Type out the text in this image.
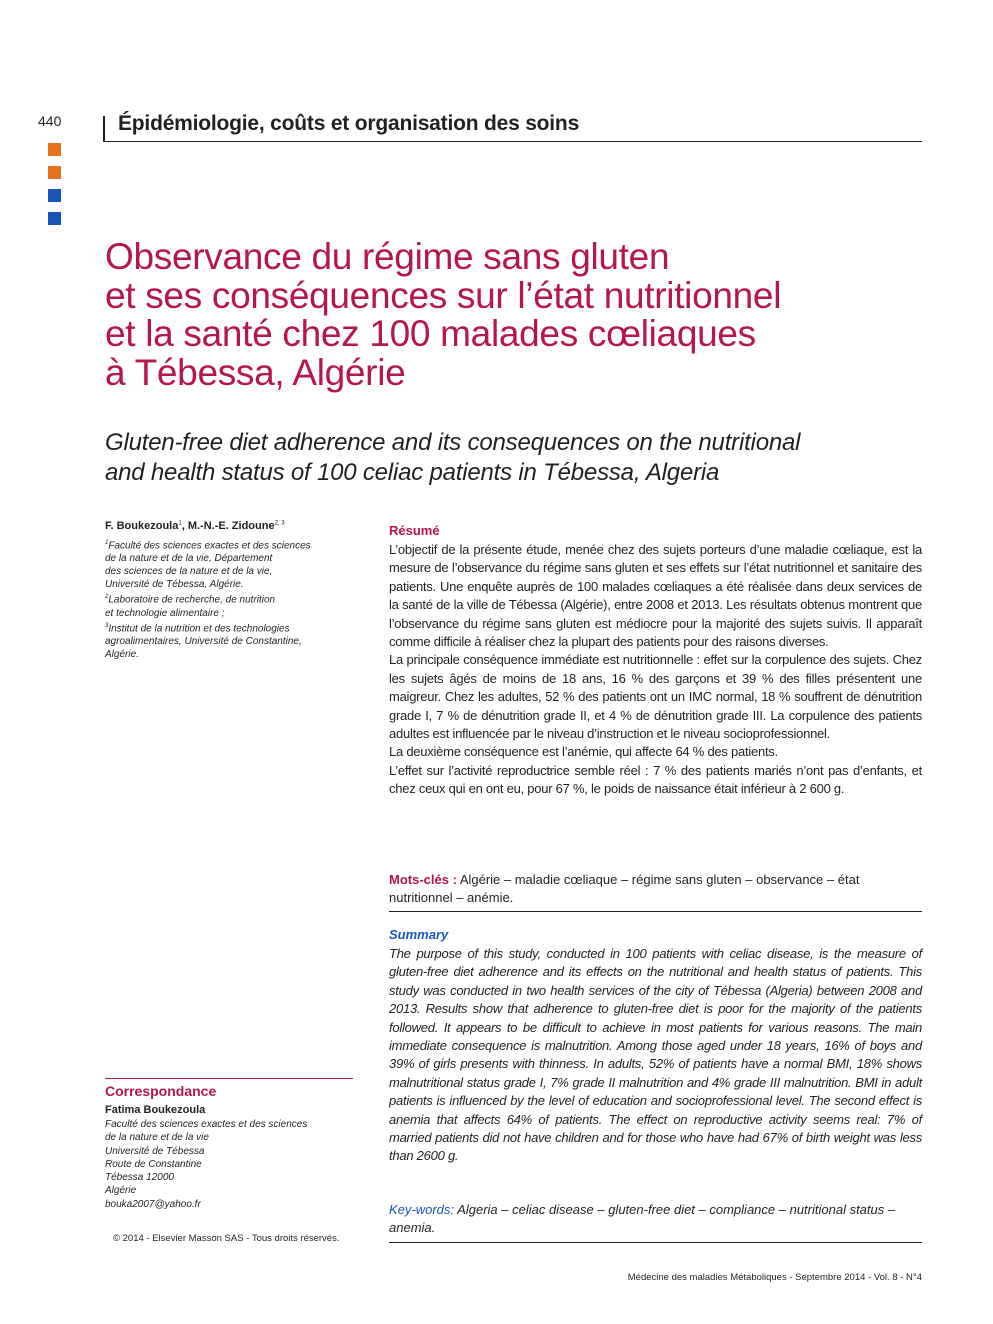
440	Épidémiologie, coûts et organisation des soins
Observance du régime sans gluten
et ses conséquences sur l’état nutritionnel
et la santé chez 100 malades cœliaques
à Tébessa, Algérie
Gluten-free diet adherence and its consequences on the nutritional
and health status of 100 celiac patients in Tébessa, Algeria
F. Boukezoula$^1$, M.-N.-E. Zidoune$^{2, 3}$
$^1$Faculté des sciences exactes et des sciences
de la nature et de la vie, Département
des sciences de la nature et de la vie,
Université de Tébessa, Algérie.
$^2$Laboratoire de recherche, de nutrition
et technologie alimentaire ;
$^3$Institut de la nutrition et des technologies
agroalimentaires, Université de Constantine,
Algérie.
Correspondance
Fatima Boukezoula
Faculté des sciences exactes et des sciences
de la nature et de la vie
Université de Tébessa
Route de Constantine
Tébessa 12000
Algérie
bouka2007@yahoo.fr
© 2014 - Elsevier Masson SAS - Tous droits réservés.
Résumé

L’objectif de la présente étude, menée chez des sujets porteurs d’une maladie cœliaque, est la mesure de l’observance du régime sans gluten et ses effets sur l’état nutritionnel et sanitaire des patients. Une enquête auprès de 100 malades cœliaques a été réalisée dans deux services de la santé de la ville de Tébessa (Algérie), entre 2008 et 2013. Les résultats obtenus montrent que l’observance du régime sans gluten est médiocre pour la majorité des sujets suivis. Il apparaît comme difficile à réaliser chez la plupart des patients pour des raisons diverses.

La principale conséquence immédiate est nutritionnelle : effet sur la corpulence des sujets. Chez les sujets âgés de moins de 18 ans, 16 % des garçons et 39 % des filles présentent une maigreur. Chez les adultes, 52 % des patients ont un IMC normal, 18 % souffrent de dénutrition grade I, 7 % de dénutrition grade II, et 4 % de dénutrition grade III. La corpulence des patients adultes est influencée par le niveau d’instruction et le niveau socioprofessionnel.

La deuxième conséquence est l’anémie, qui affecte 64 % des patients.

L’effet sur l’activité reproductrice semble réel : 7 % des patients mariés n’ont pas d’enfants, et chez ceux qui en ont eu, pour 67 %, le poids de naissance était inférieur à 2 600 g.

Mots-clés : Algérie – maladie cœliaque – régime sans gluten – observance – état nutritionnel – anémie.
Summary
The purpose of this study, conducted in 100 patients with celiac disease, is the measure of gluten-free diet adherence and its effects on the nutritional and health status of patients. This study was conducted in two health services of the city of Tébessa (Algeria) between 2008 and 2013. Results show that adherence to gluten-free diet is poor for the majority of the patients followed. It appears to be difficult to achieve in most patients for various reasons. The main immediate consequence is malnutrition. Among those aged under 18 years, 16% of boys and 39% of girls presents with thinness. In adults, 52% of patients have a normal BMI, 18% shows malnutritional status grade I, 7% grade II malnutrition and 4% grade III malnutrition. BMI in adult patients is influenced by the level of education and socioprofessional level. The second effect is anemia that affects 64% of patients. The effect on reproductive activity seems real: 7% of married patients did not have children and for those who have had 67% of birth weight was less than 2600 g.
Key-words: Algeria – celiac disease – gluten-free diet – compliance – nutritional status – anemia.
Médecine des maladies Métaboliques - Septembre 2014 - Vol. 8 - N°4
